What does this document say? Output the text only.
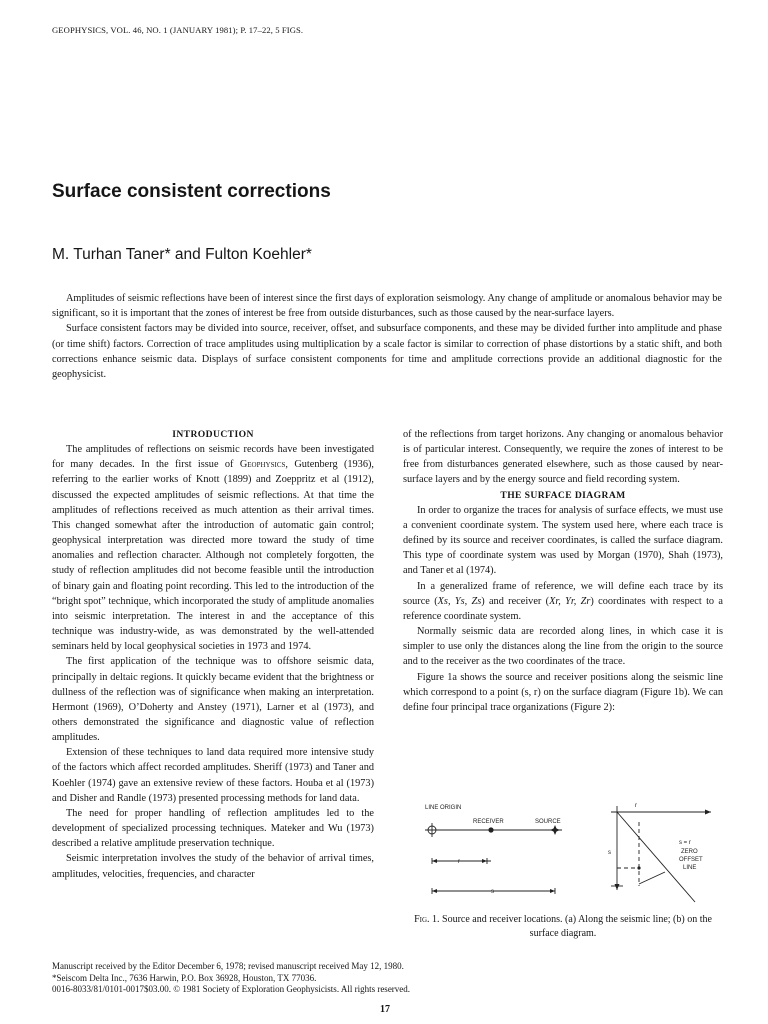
GEOPHYSICS, VOL. 46, NO. 1 (JANUARY 1981); P. 17–22, 5 FIGS.
Surface consistent corrections
M. Turhan Taner* and Fulton Koehler*

Amplitudes of seismic reflections have been of interest since the first days of exploration seismology. Any change of amplitude or anomalous behavior may be significant, so it is important that the zones of interest be free from outside disturbances, such as those caused by the near-surface layers.

Surface consistent factors may be divided into source, receiver, offset, and subsurface components, and these may be divided further into amplitude and phase (or time shift) factors. Correction of trace amplitudes using multiplication by a scale factor is similar to correction of phase distortions by a static shift, and both corrections enhance seismic data. Displays of surface consistent components for time and amplitude corrections provide an additional diagnostic for the geophysicist.

INTRODUCTION

The amplitudes of reflections on seismic records have been investigated for many decades. In the first issue of Geophysics, Gutenberg (1936), referring to the earlier works of Knott (1899) and Zoeppritz et al (1912), discussed the expected amplitudes of seismic reflections. At that time the amplitudes of reflections received as much attention as their arrival times. This changed somewhat after the introduction of automatic gain control; geophysical interpretation was directed more toward the study of time anomalies and reflection character. Although not completely forgotten, the study of reflection amplitudes did not become feasible until the introduction of binary gain and floating point recording. This led to the introduction of the “bright spot” technique, which incorporated the study of amplitude anomalies into seismic interpretation. The interest in and the acceptance of this technique was industry-wide, as was demonstrated by the well-attended seminars held by local geophysical societies in 1973 and 1974.

The first application of the technique was to offshore seismic data, principally in deltaic regions. It quickly became evident that the brightness or dullness of the reflection was of significance when making an interpretation. Hermont (1969), O’Doherty and Anstey (1971), Larner et al (1973), and others demonstrated the significance and diagnostic value of reflection amplitudes.

Extension of these techniques to land data required more intensive study of the factors which affect recorded amplitudes. Sheriff (1973) and Taner and Koehler (1974) gave an extensive review of these factors. Houba et al (1973) and Disher and Randle (1973) presented processing methods for land data.

The need for proper handling of reflection amplitudes led to the development of specialized processing techniques. Mateker and Wu (1973) described a relative amplitude preservation technique.

Seismic interpretation involves the study of the behavior of arrival times, amplitudes, velocities, frequencies, and character

of the reflections from target horizons. Any changing or anomalous behavior is of particular interest. Consequently, we require the zones of interest to be free from disturbances generated elsewhere, such as those caused by near-surface layers and by the energy source and field recording system.

THE SURFACE DIAGRAM

In order to organize the traces for analysis of surface effects, we must use a convenient coordinate system. The system used here, where each trace is defined by its source and receiver coordinates, is called the surface diagram. This type of coordinate system was used by Morgan (1970), Shah (1973), and Taner et al (1974).

In a generalized frame of reference, we will define each trace by its source (Xs, Ys, Zs) and receiver (Xr, Yr, Zr) coordinates with respect to a reference coordinate system.

Normally seismic data are recorded along lines, in which case it is simpler to use only the distances along the line from the origin to the source and to the receiver as the two coordinates of the trace.

Figure 1a shows the source and receiver positions along the seismic line which correspond to a point (s, r) on the surface diagram (Figure 1b). We can define four principal trace organizations (Figure 2):

LINE ORIGIN
RECEIVER	SOURCE
r
s
r
s
s = r
ZERO
OFFSET
LINE
Fig. 1. Source and receiver locations. (a) Along the seismic line; (b) on the surface diagram.
Manuscript received by the Editor December 6, 1978; revised manuscript received May 12, 1980.
*Seiscom Delta Inc., 7636 Harwin, P.O. Box 36928, Houston, TX 77036.
0016-8033/81/0101-0017$03.00. © 1981 Society of Exploration Geophysicists. All rights reserved.
17
